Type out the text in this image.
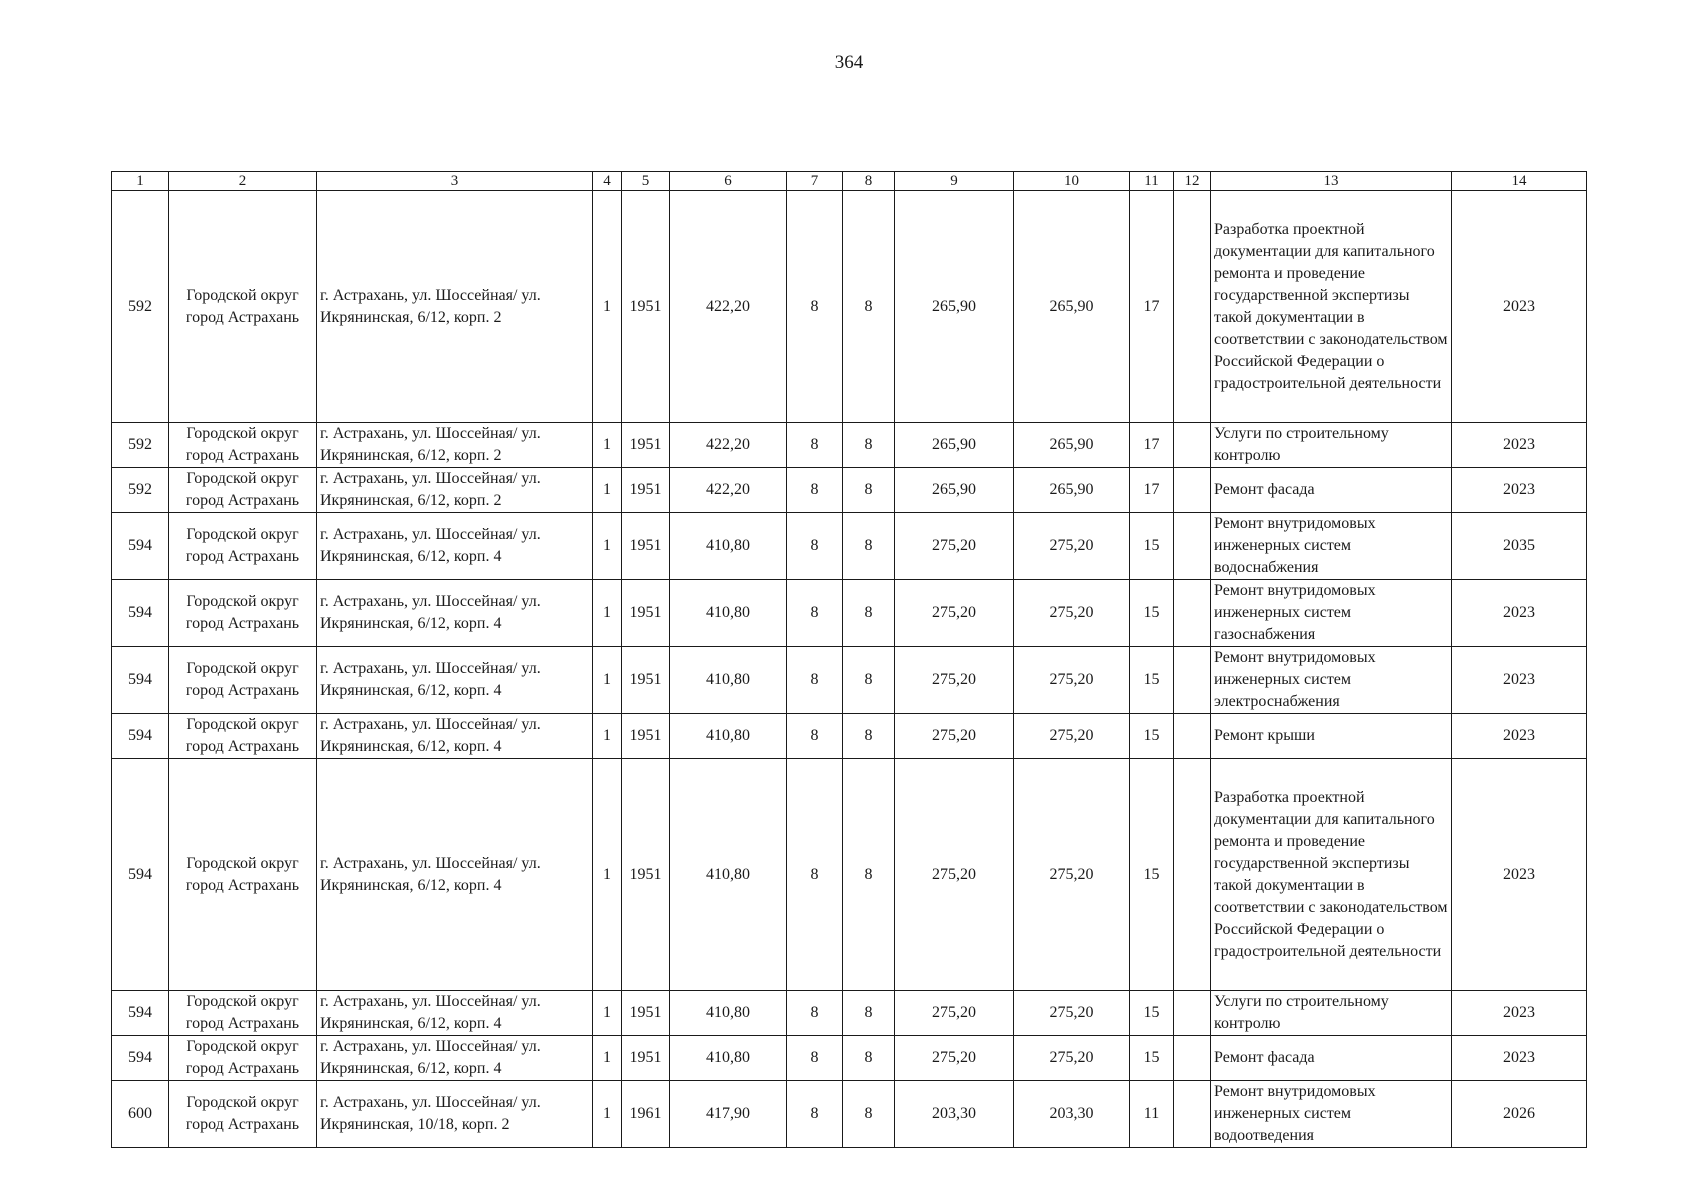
364
1	2	3	4	5	6	7	8	9	10	11	12	13	14
592	Городской округ город Астрахань	г. Астрахань, ул. Шоссейная/ ул. Икрянинская, 6/12, корп. 2	1	1951	422,20	8	8	265,90	265,90	17		Разработка проектной документации для капитального ремонта и проведение государственной экспертизы такой документации в соответствии с законодательством Российской Федерации о градостроительной деятельности	2023
592	Городской округ город Астрахань	г. Астрахань, ул. Шоссейная/ ул. Икрянинская, 6/12, корп. 2	1	1951	422,20	8	8	265,90	265,90	17		Услуги по строительному контролю	2023
592	Городской округ город Астрахань	г. Астрахань, ул. Шоссейная/ ул. Икрянинская, 6/12, корп. 2	1	1951	422,20	8	8	265,90	265,90	17		Ремонт фасада	2023
594	Городской округ город Астрахань	г. Астрахань, ул. Шоссейная/ ул. Икрянинская, 6/12, корп. 4	1	1951	410,80	8	8	275,20	275,20	15		Ремонт внутридомовых инженерных систем водоснабжения	2035
594	Городской округ город Астрахань	г. Астрахань, ул. Шоссейная/ ул. Икрянинская, 6/12, корп. 4	1	1951	410,80	8	8	275,20	275,20	15		Ремонт внутридомовых инженерных систем газоснабжения	2023
594	Городской округ город Астрахань	г. Астрахань, ул. Шоссейная/ ул. Икрянинская, 6/12, корп. 4	1	1951	410,80	8	8	275,20	275,20	15		Ремонт внутридомовых инженерных систем электроснабжения	2023
594	Городской округ город Астрахань	г. Астрахань, ул. Шоссейная/ ул. Икрянинская, 6/12, корп. 4	1	1951	410,80	8	8	275,20	275,20	15		Ремонт крыши	2023
594	Городской округ город Астрахань	г. Астрахань, ул. Шоссейная/ ул. Икрянинская, 6/12, корп. 4	1	1951	410,80	8	8	275,20	275,20	15		Разработка проектной документации для капитального ремонта и проведение государственной экспертизы такой документации в соответствии с законодательством Российской Федерации о градостроительной деятельности	2023
594	Городской округ город Астрахань	г. Астрахань, ул. Шоссейная/ ул. Икрянинская, 6/12, корп. 4	1	1951	410,80	8	8	275,20	275,20	15		Услуги по строительному контролю	2023
594	Городской округ город Астрахань	г. Астрахань, ул. Шоссейная/ ул. Икрянинская, 6/12, корп. 4	1	1951	410,80	8	8	275,20	275,20	15		Ремонт фасада	2023
600	Городской округ город Астрахань	г. Астрахань, ул. Шоссейная/ ул. Икрянинская, 10/18, корп. 2	1	1961	417,90	8	8	203,30	203,30	11		Ремонт внутридомовых инженерных систем водоотведения	2026
